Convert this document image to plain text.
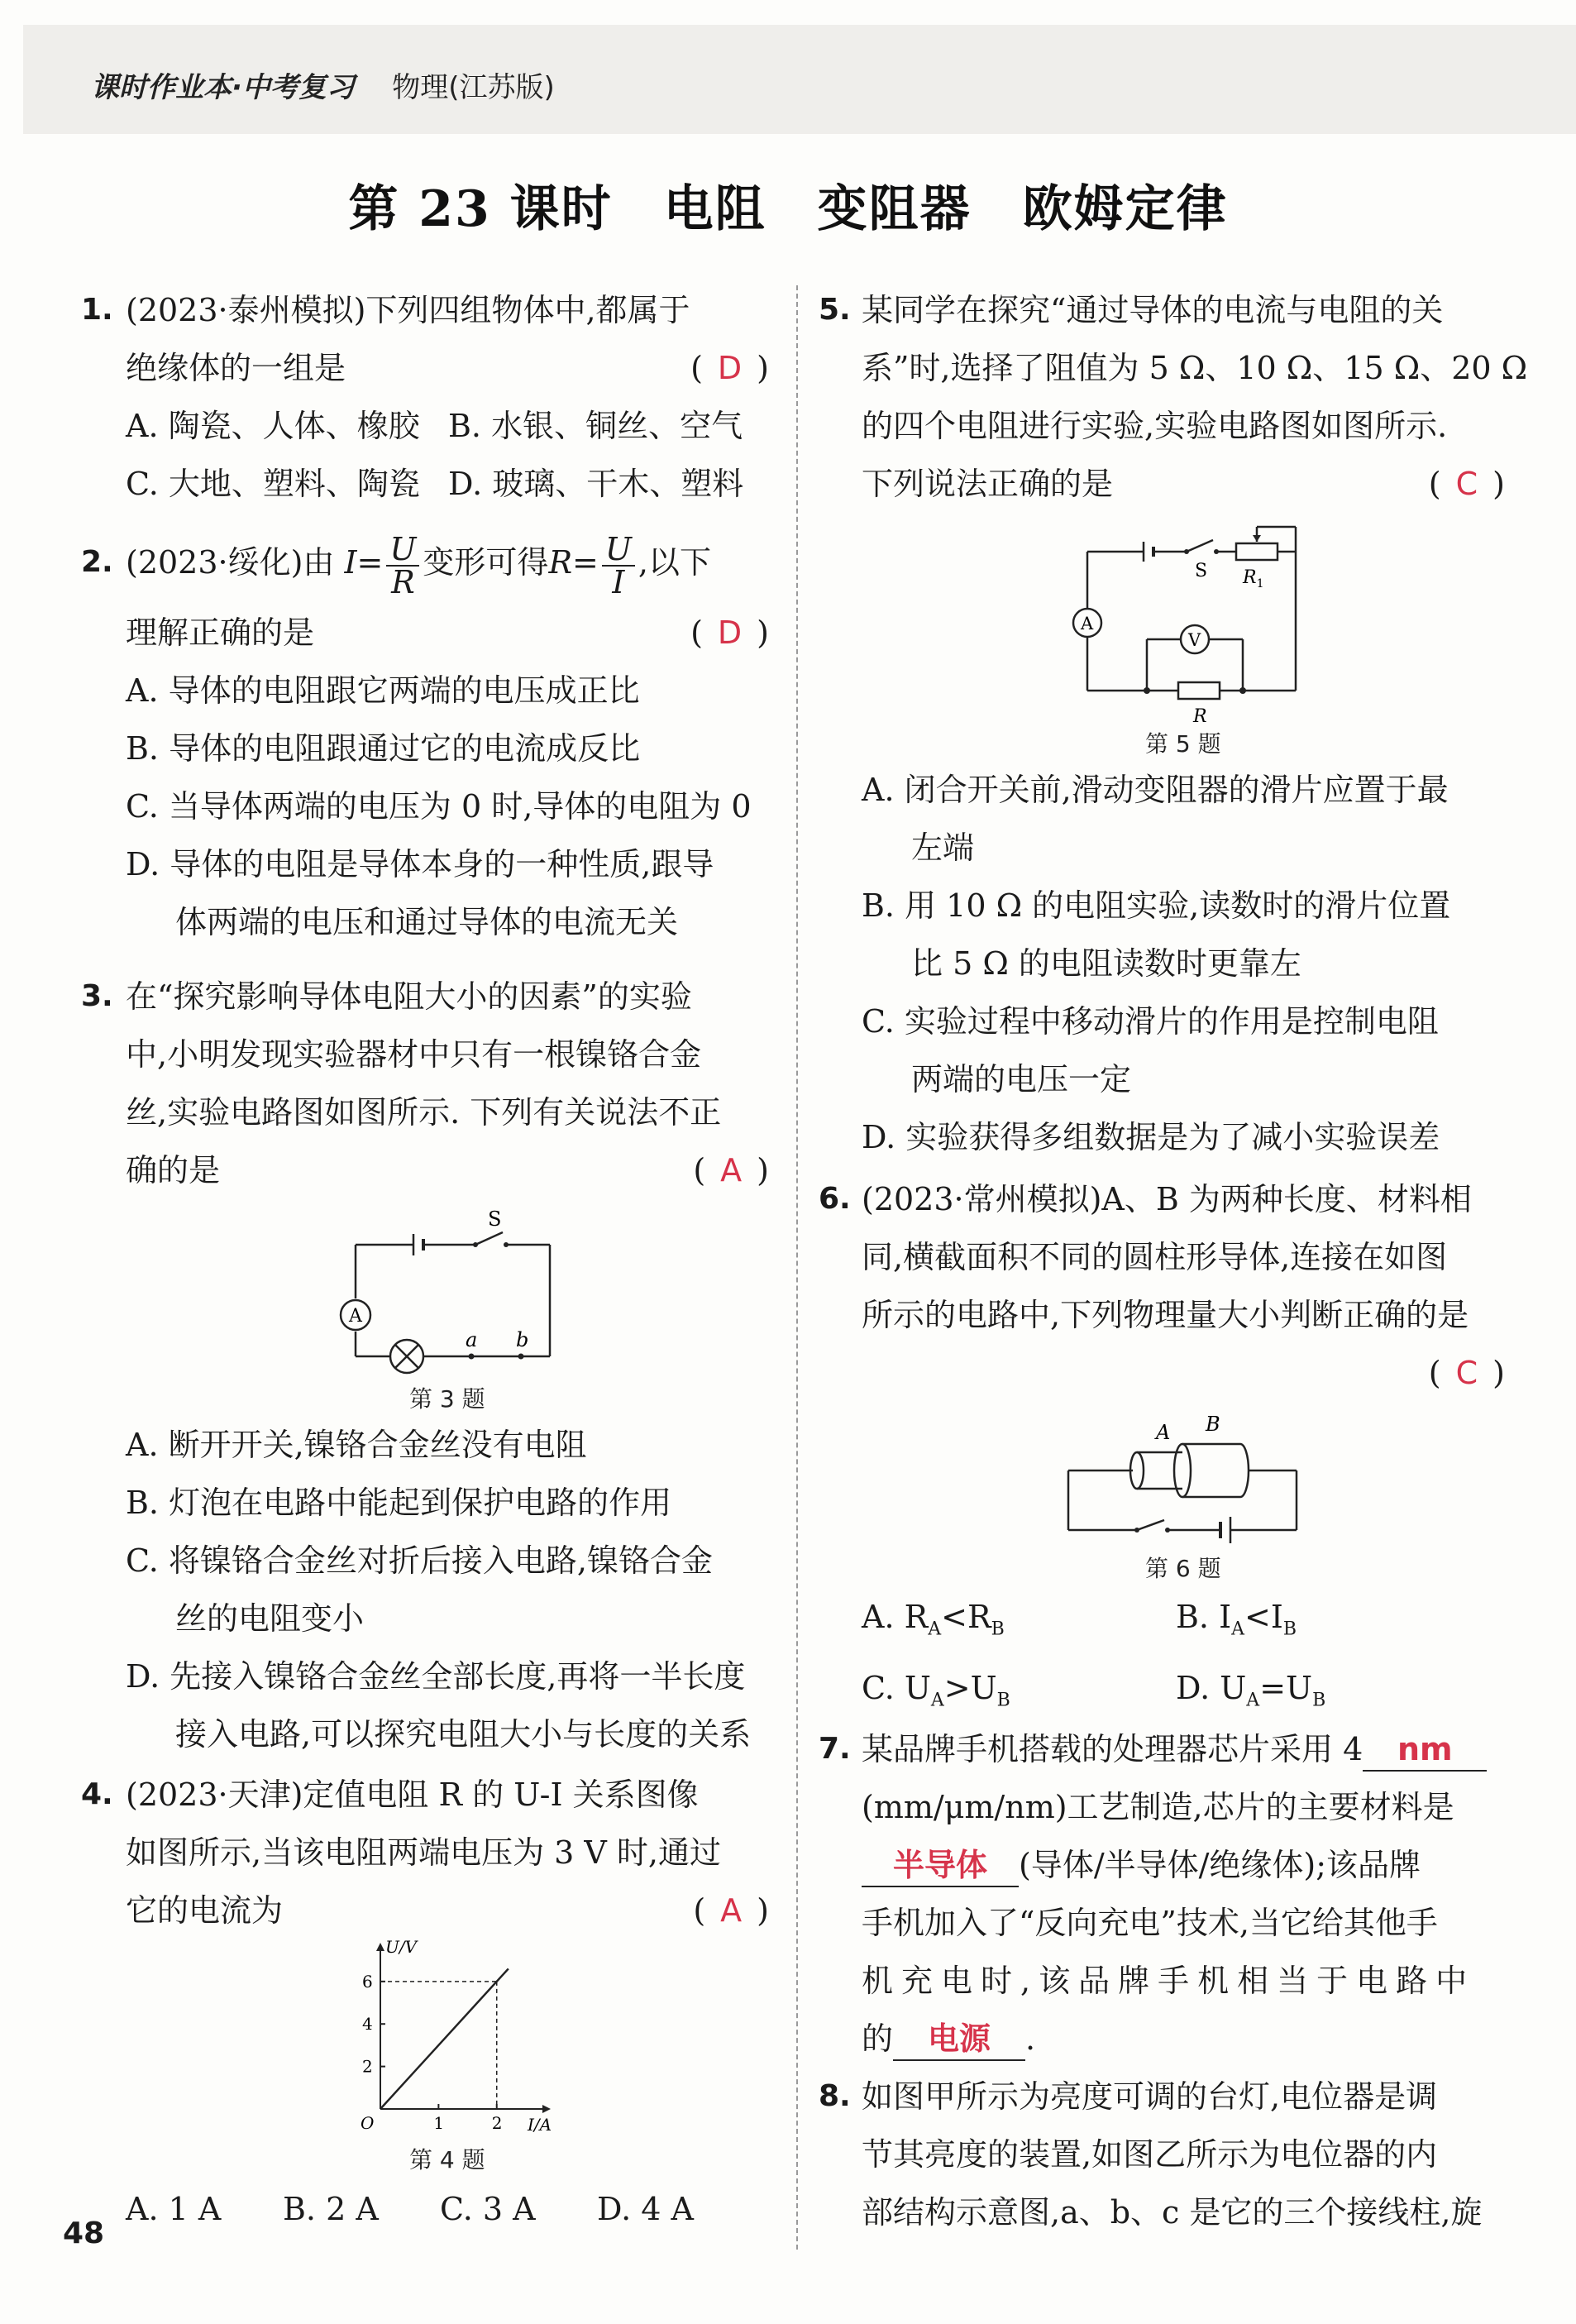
课时作业本·中考复习 物理(江苏版)
第 23 课时　电阻　变阻器　欧姆定律
1. (2023·泰州模拟)下列四组物体中,都属于
绝缘体的一组是	( D )
A. 陶瓷、人体、橡胶 B. 水银、铜丝、空气
C. 大地、塑料、陶瓷 D. 玻璃、干木、塑料
2. (2023·绥化)由 $I= \frac{U}{R}$ 变形可得$R= \frac{U}{I}$ ,以下
理解正确的是	( D )
A. 导体的电阻跟它两端的电压成正比
B. 导体的电阻跟通过它的电流成反比
C. 当导体两端的电压为 0 时,导体的电阻为 0
D. 导体的电阻是导体本身的一种性质,跟导
体两端的电压和通过导体的电流无关
3. 在“探究影响导体电阻大小的因素”的实验
中,小明发现实验器材中只有一根镍铬合金
丝,实验电路图如图所示. 下列有关说法不正
确的是	( A )
S
A
a b
第 3 题
A. 断开开关,镍铬合金丝没有电阻
B. 灯泡在电路中能起到保护电路的作用
C. 将镍铬合金丝对折后接入电路,镍铬合金
丝的电阻变小
D. 先接入镍铬合金丝全部长度,再将一半长度
接入电路,可以探究电阻大小与长度的关系
4. (2023·天津)定值电阻 R 的 U-I 关系图像
如图所示,当该电阻两端电压为 3 V 时,通过
它的电流为	( A )
1	2
2
4
6
O	I/A
U/V
第 4 题
A. 1 A B. 2 A C. 3 A D. 4 A
5. 某同学在探究“通过导体的电流与电阻的关
系”时,选择了阻值为 5 Ω、10 Ω、15 Ω、20 Ω
的四个电阻进行实验,实验电路图如图所示.
下列说法正确的是	( C )
S $R_1$
A
V
R
第 5 题
A. 闭合开关前,滑动变阻器的滑片应置于最
左端
B. 用 10 Ω 的电阻实验,读数时的滑片位置
比 5 Ω 的电阻读数时更靠左
C. 实验过程中移动滑片的作用是控制电阻
两端的电压一定
D. 实验获得多组数据是为了减小实验误差
6. (2023·常州模拟)A、B 为两种长度、材料相
同,横截面积不同的圆柱形导体,连接在如图
所示的电路中,下列物理量大小判断正确的是
( C )
A B
第 6 题
A. $R_A<R_B$	B. $I_A<I_B$
C. $U_A>U_B$	D. $U_A=U_B$
7. 某品牌手机搭载的处理器芯片采用 4 nm
(mm/μm/nm)工艺制造,芯片的主要材料是
半导体 (导体/半导体/绝缘体);该品牌
手机加入了“反向充电”技术,当它给其他手
机充电时,该品牌手机相当于电路中
的 电源 .
8. 如图甲所示为亮度可调的台灯,电位器是调
节其亮度的装置,如图乙所示为电位器的内
部结构示意图,a、b、c 是它的三个接线柱,旋
48
